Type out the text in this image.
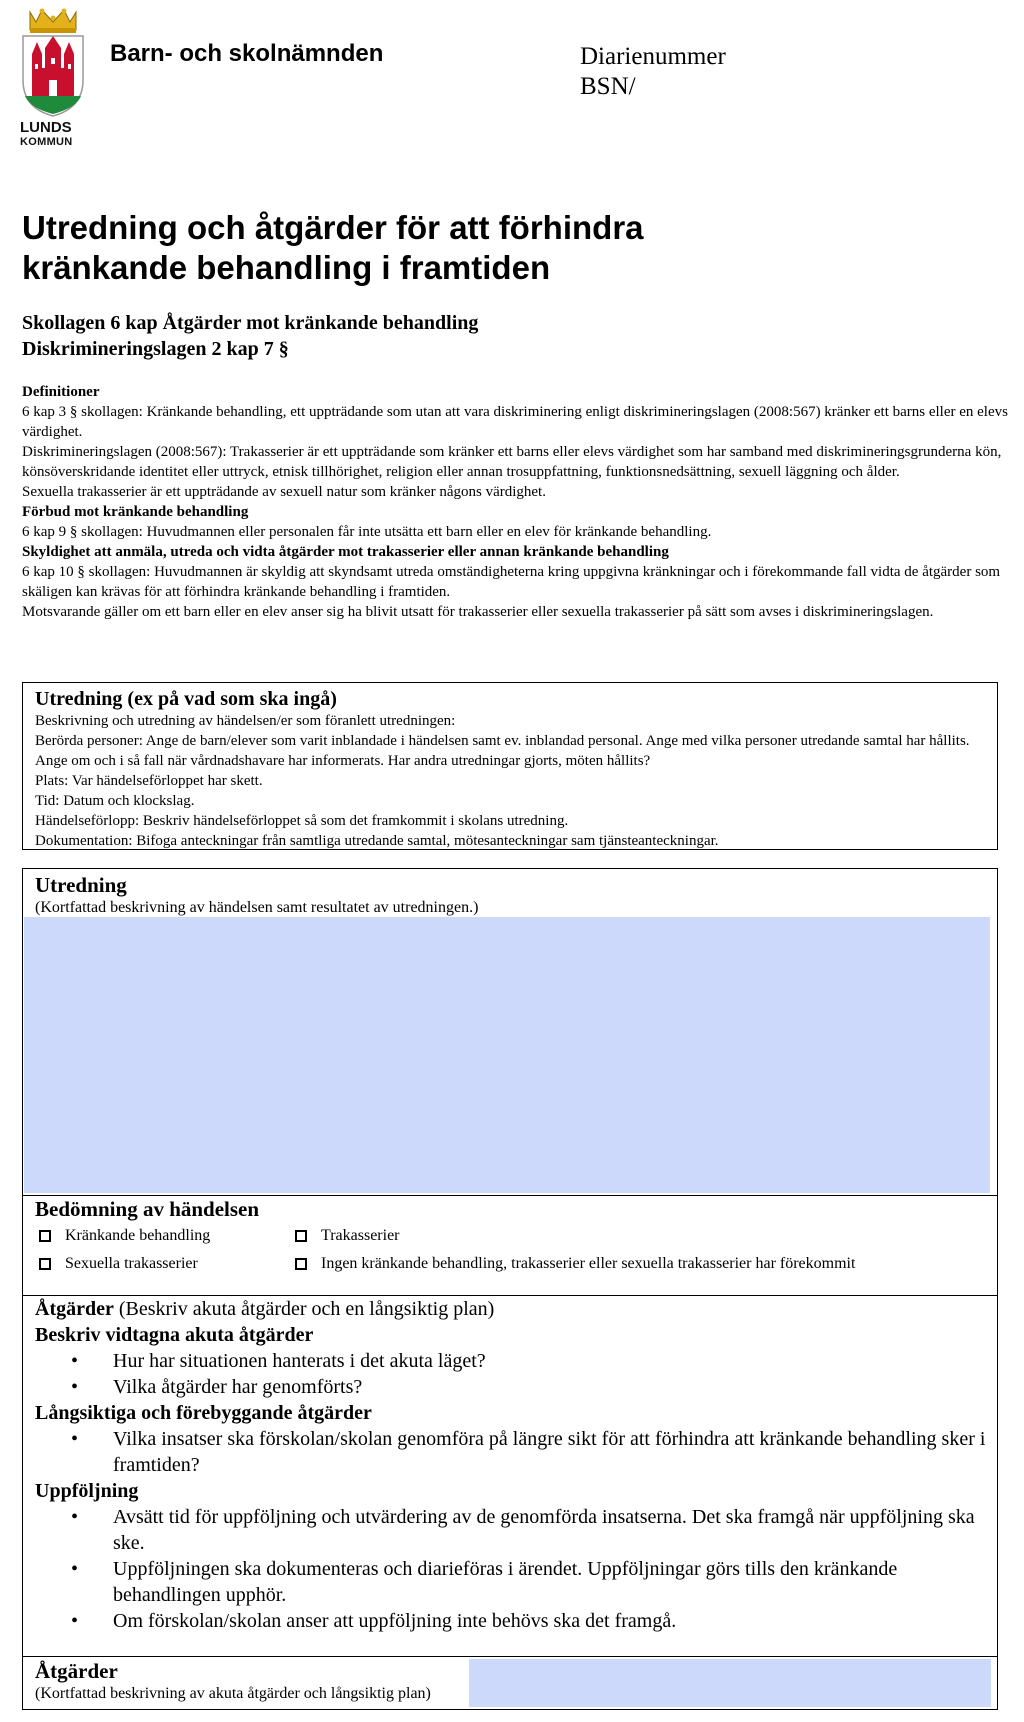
LUNDS
KOMMUN
Barn- och skolnämnden	Diarienummer
BSN/
Utredning och åtgärder för att förhindra
kränkande behandling i framtiden
Skollagen 6 kap Åtgärder mot kränkande behandling
Diskrimineringslagen 2 kap 7 §
Definitioner
6 kap 3 § skollagen: Kränkande behandling, ett uppträdande som utan att vara diskriminering enligt diskrimineringslagen (2008:567) kränker ett barns eller en elevs värdighet.
Diskrimineringslagen (2008:567): Trakasserier är ett uppträdande som kränker ett barns eller elevs värdighet som har samband med diskrimineringsgrunderna kön, könsöverskridande identitet eller uttryck, etnisk tillhörighet, religion eller annan trosuppfattning, funktionsnedsättning, sexuell läggning och ålder.
Sexuella trakasserier är ett uppträdande av sexuell natur som kränker någons värdighet.
Förbud mot kränkande behandling
6 kap 9 § skollagen: Huvudmannen eller personalen får inte utsätta ett barn eller en elev för kränkande behandling.
Skyldighet att anmäla, utreda och vidta åtgärder mot trakasserier eller annan kränkande behandling
6 kap 10 § skollagen: Huvudmannen är skyldig att skyndsamt utreda omständigheterna kring uppgivna kränkningar och i förekommande fall vidta de åtgärder som skäligen kan krävas för att förhindra kränkande behandling i framtiden.
Motsvarande gäller om ett barn eller en elev anser sig ha blivit utsatt för trakasserier eller sexuella trakasserier på sätt som avses i diskrimineringslagen.
Utredning (ex på vad som ska ingå)
Beskrivning och utredning av händelsen/er som föranlett utredningen:
Berörda personer: Ange de barn/elever som varit inblandade i händelsen samt ev. inblandad personal. Ange med vilka personer utredande samtal har hållits. Ange om och i så fall när vårdnadshavare har informerats. Har andra utredningar gjorts, möten hållits?
Plats: Var händelseförloppet har skett.
Tid: Datum och klockslag.
Händelseförlopp: Beskriv händelseförloppet så som det framkommit i skolans utredning.
Dokumentation: Bifoga anteckningar från samtliga utredande samtal, mötesanteckningar sam tjänsteanteckningar.
Utredning
(Kortfattad beskrivning av händelsen samt resultatet av utredningen.)
Bedömning av händelsen
Kränkande behandling	Trakasserier
Sexuella trakasserier	Ingen kränkande behandling, trakasserier eller sexuella trakasserier har förekommit
Åtgärder (Beskriv akuta åtgärder och en långsiktig plan)
Beskriv vidtagna akuta åtgärder
• Hur har situationen hanterats i det akuta läget?
• Vilka åtgärder har genomförts?
Långsiktiga och förebyggande åtgärder
• Vilka insatser ska förskolan/skolan genomföra på längre sikt för att förhindra att kränkande behandling sker i framtiden?
Uppföljning
• Avsätt tid för uppföljning och utvärdering av de genomförda insatserna. Det ska framgå när uppföljning ska ske.
• Uppföljningen ska dokumenteras och diarieföras i ärendet. Uppföljningar görs tills den kränkande behandlingen upphör.
• Om förskolan/skolan anser att uppföljning inte behövs ska det framgå.
Åtgärder
(Kortfattad beskrivning av akuta åtgärder och långsiktig plan)
